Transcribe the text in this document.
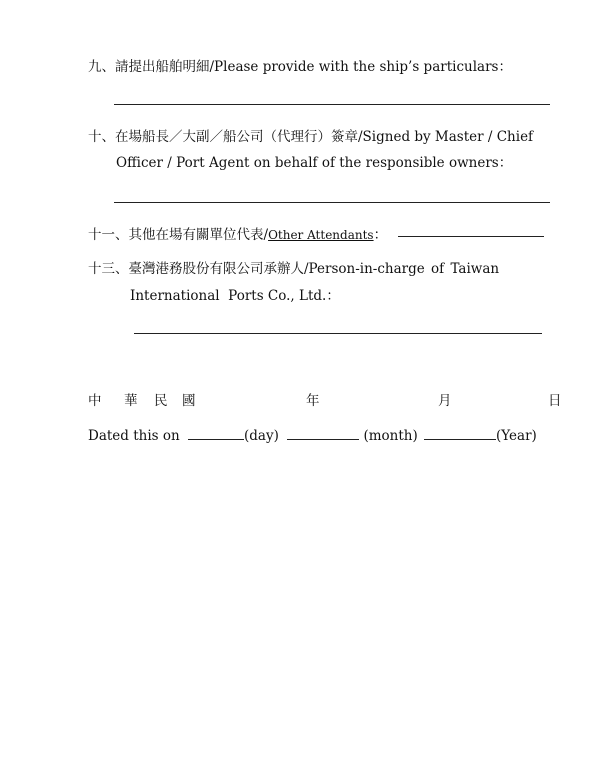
九、請提出船舶明細/Please provide with the ship’s particulars：
十、在場船長／大副／船公司（代理行）簽章/Signed by Master / Chief
Officer / Port Agent on behalf of the responsible owners：
十一、其他在場有關單位代表/Other Attendants：
十三、臺灣港務股份有限公司承辦人/Person-in-charge of Taiwan
International  Ports Co., Ltd.：
中 華 民 國	年	月	日
Dated this on	(day)	(month)	(Year)
